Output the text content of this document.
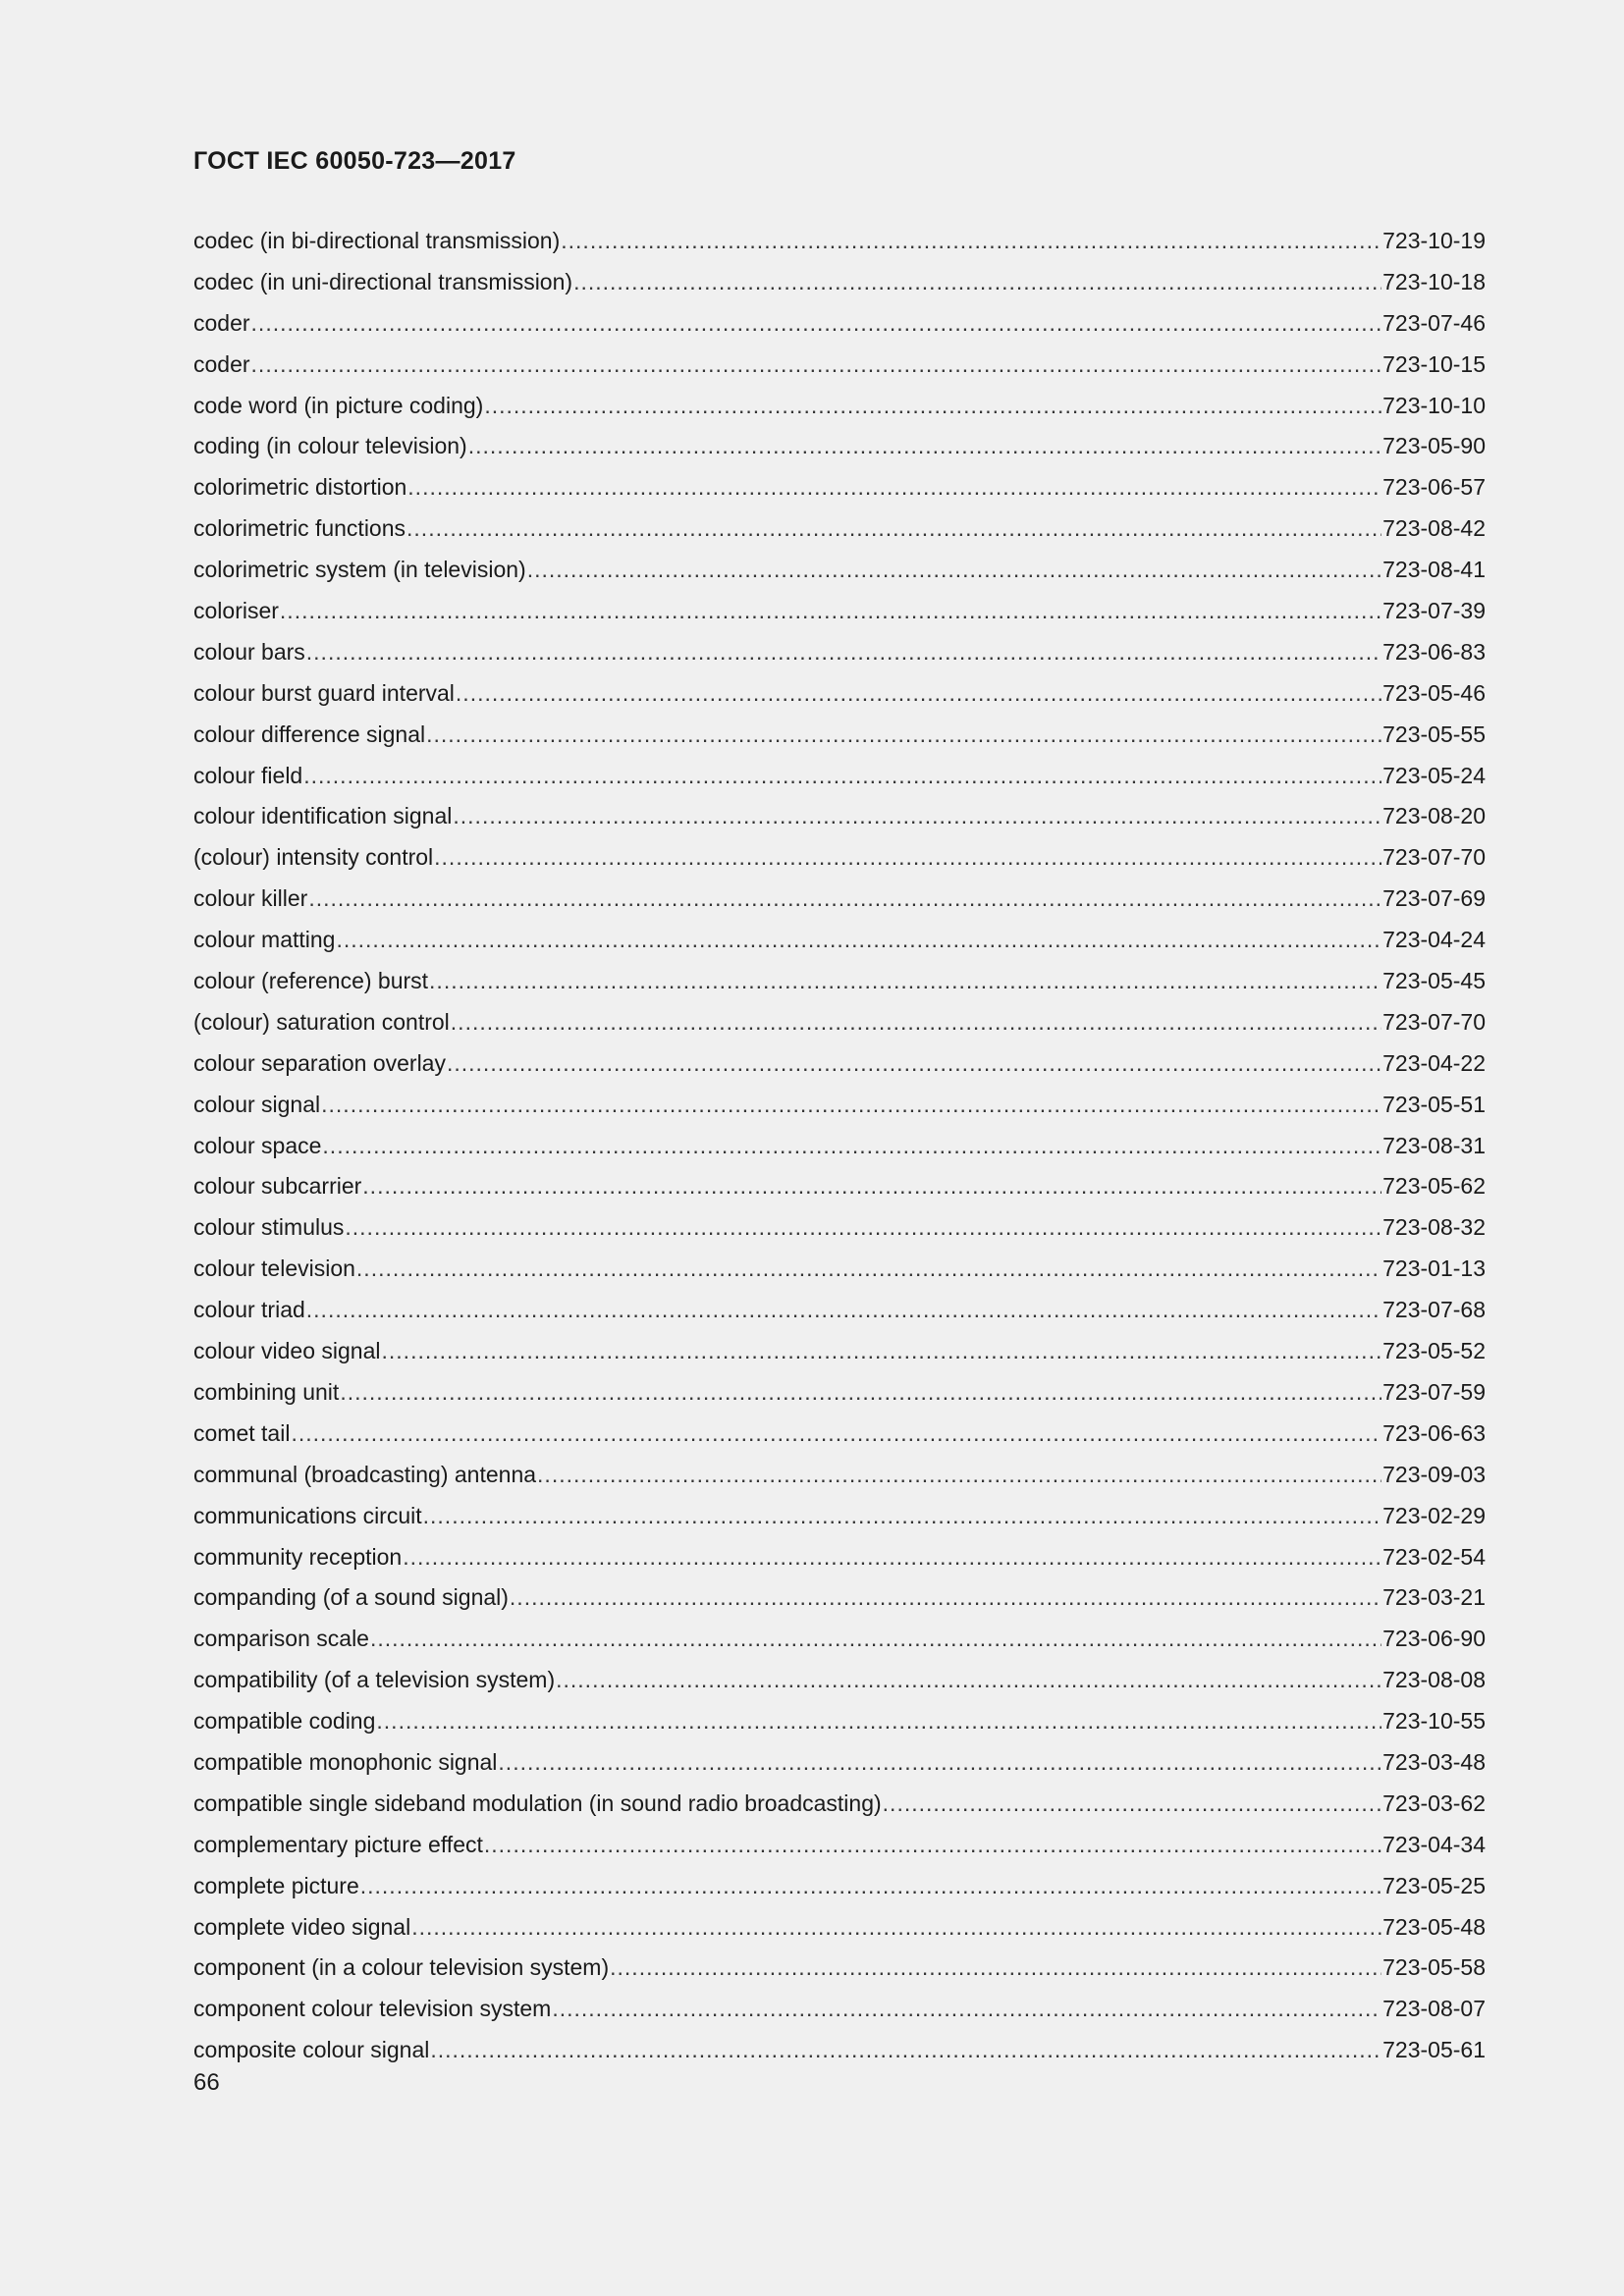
ГОСТ IEC 60050-723—2017
codec (in bi-directional transmission) .....	723-10-19
codec (in uni-directional transmission) .....	723-10-18
coder .....	723-07-46
coder .....	723-10-15
code word (in picture coding) .....	723-10-10
coding (in colour television) .....	723-05-90
colorimetric distortion .....	723-06-57
colorimetric functions .....	723-08-42
colorimetric system (in television) .....	723-08-41
coloriser .....	723-07-39
colour bars .....	723-06-83
colour burst guard interval .....	723-05-46
colour difference signal .....	723-05-55
colour field .....	723-05-24
colour identification signal .....	723-08-20
(colour) intensity control .....	723-07-70
colour killer .....	723-07-69
colour matting .....	723-04-24
colour (reference) burst .....	723-05-45
(colour) saturation control .....	723-07-70
colour separation overlay .....	723-04-22
colour signal .....	723-05-51
colour space .....	723-08-31
colour subcarrier .....	723-05-62
colour stimulus .....	723-08-32
colour television .....	723-01-13
colour triad .....	723-07-68
colour video signal .....	723-05-52
combining unit .....	723-07-59
comet tail .....	723-06-63
communal (broadcasting) antenna .....	723-09-03
communications circuit .....	723-02-29
community reception .....	723-02-54
companding (of a sound signal) .....	723-03-21
comparison scale .....	723-06-90
compatibility (of a television system) .....	723-08-08
compatible coding .....	723-10-55
compatible monophonic signal .....	723-03-48
compatible single sideband modulation (in sound radio broadcasting) .....	723-03-62
complementary picture effect .....	723-04-34
complete picture .....	723-05-25
complete video signal .....	723-05-48
component (in a colour television system) .....	723-05-58
component colour television system .....	723-08-07
composite colour signal .....	723-05-61
66
